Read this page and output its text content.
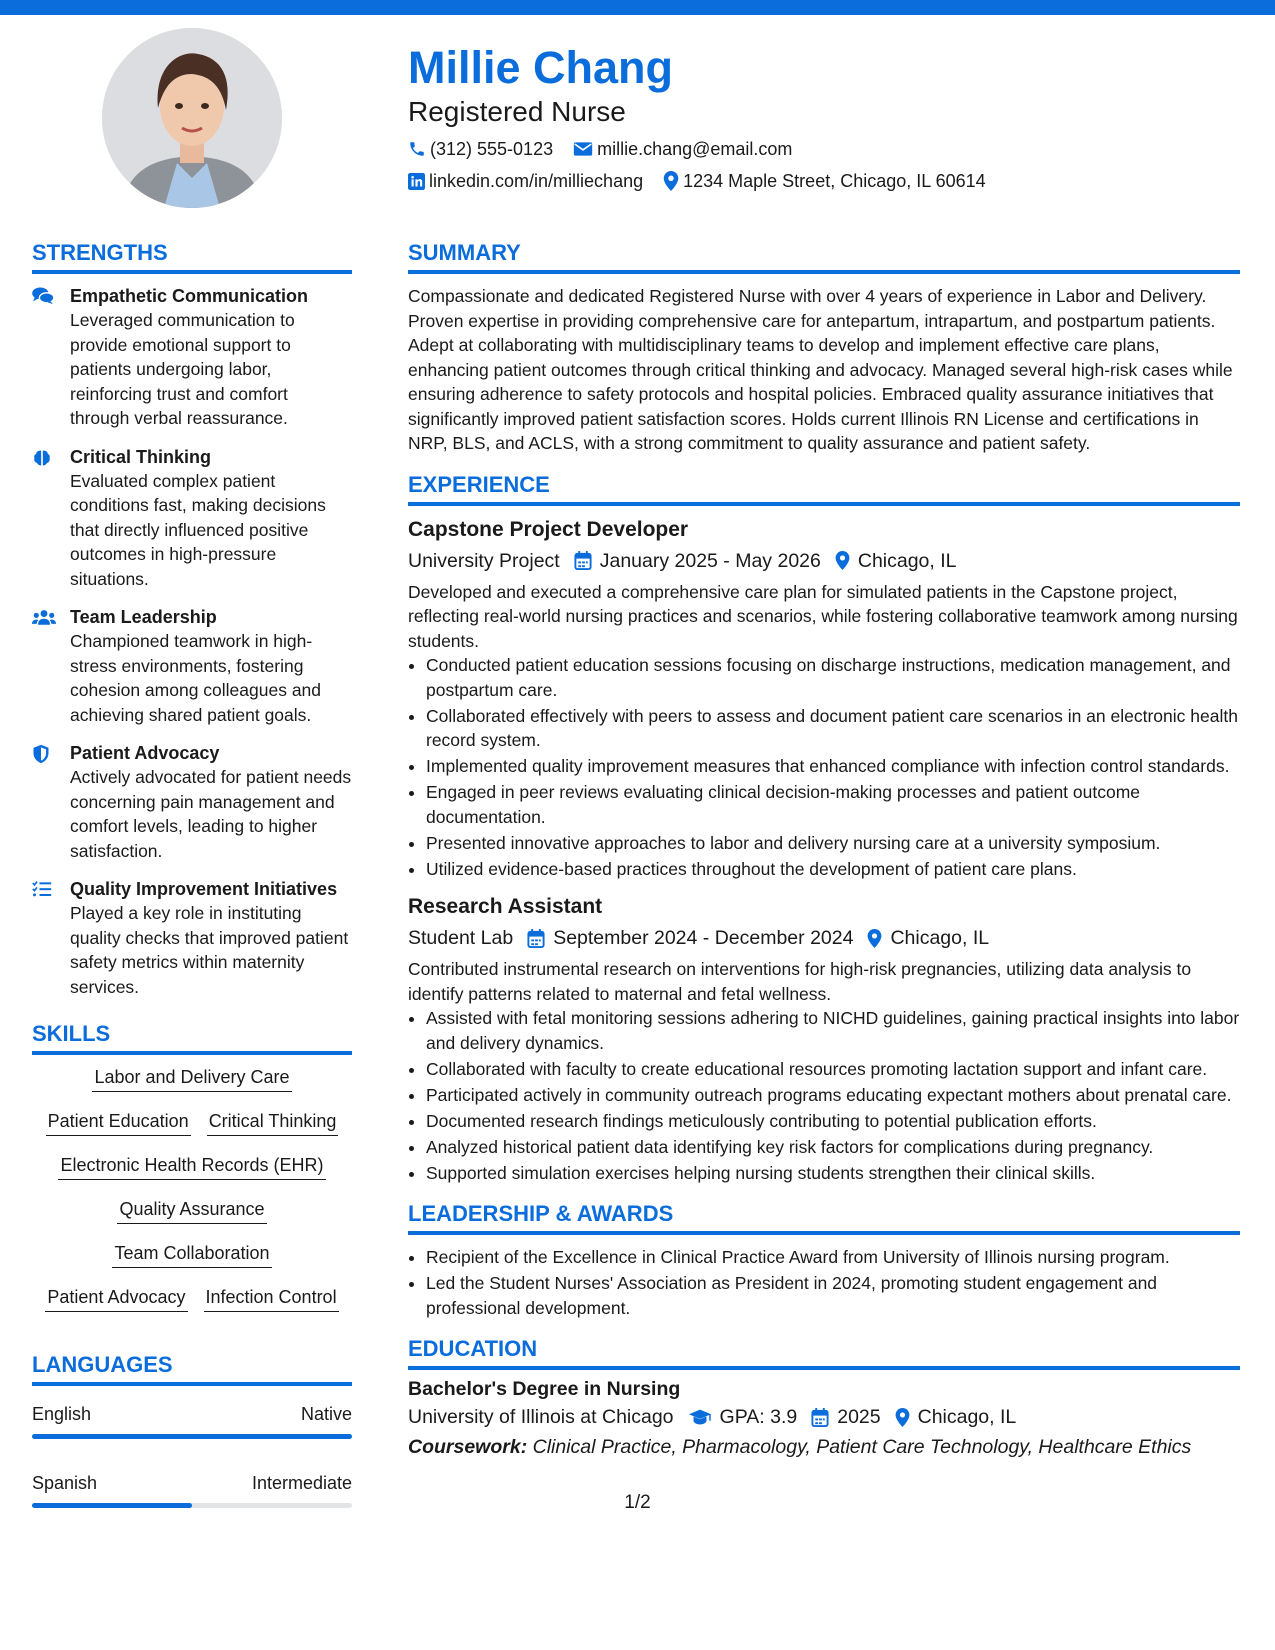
Millie Chang
Registered Nurse
(312) 555-0123 millie.chang@email.com
linkedin.com/in/milliechang 1234 Maple Street, Chicago, IL 60614
STRENGTHS
Empathetic Communication
Leveraged communication to provide emotional support to patients undergoing labor, reinforcing trust and comfort through verbal reassurance.
Critical Thinking
Evaluated complex patient conditions fast, making decisions that directly influenced positive outcomes in high-pressure situations.
Team Leadership
Championed teamwork in high-stress environments, fostering cohesion among colleagues and achieving shared patient goals.
Patient Advocacy
Actively advocated for patient needs concerning pain management and comfort levels, leading to higher satisfaction.
Quality Improvement Initiatives
Played a key role in instituting quality checks that improved patient safety metrics within maternity services.
SKILLS
Labor and Delivery Care
Patient Education Critical Thinking
Electronic Health Records (EHR)
Quality Assurance
Team Collaboration
Patient Advocacy Infection Control
LANGUAGES
English	Native
Spanish	Intermediate
SUMMARY
Compassionate and dedicated Registered Nurse with over 4 years of experience in Labor and Delivery. Proven expertise in providing comprehensive care for antepartum, intrapartum, and postpartum patients. Adept at collaborating with multidisciplinary teams to develop and implement effective care plans, enhancing patient outcomes through critical thinking and advocacy. Managed several high-risk cases while ensuring adherence to safety protocols and hospital policies. Embraced quality assurance initiatives that significantly improved patient satisfaction scores. Holds current Illinois RN License and certifications in NRP, BLS, and ACLS, with a strong commitment to quality assurance and patient safety.
EXPERIENCE
Capstone Project Developer
University Project January 2025 - May 2026 Chicago, IL
Developed and executed a comprehensive care plan for simulated patients in the Capstone project, reflecting real-world nursing practices and scenarios, while fostering collaborative teamwork among nursing students.
• Conducted patient education sessions focusing on discharge instructions, medication management, and postpartum care.
• Collaborated effectively with peers to assess and document patient care scenarios in an electronic health record system.
• Implemented quality improvement measures that enhanced compliance with infection control standards.
• Engaged in peer reviews evaluating clinical decision-making processes and patient outcome documentation.
• Presented innovative approaches to labor and delivery nursing care at a university symposium.
• Utilized evidence-based practices throughout the development of patient care plans.
Research Assistant
Student Lab September 2024 - December 2024 Chicago, IL
Contributed instrumental research on interventions for high-risk pregnancies, utilizing data analysis to identify patterns related to maternal and fetal wellness.
• Assisted with fetal monitoring sessions adhering to NICHD guidelines, gaining practical insights into labor and delivery dynamics.
• Collaborated with faculty to create educational resources promoting lactation support and infant care.
• Participated actively in community outreach programs educating expectant mothers about prenatal care.
• Documented research findings meticulously contributing to potential publication efforts.
• Analyzed historical patient data identifying key risk factors for complications during pregnancy.
• Supported simulation exercises helping nursing students strengthen their clinical skills.
LEADERSHIP & AWARDS
• Recipient of the Excellence in Clinical Practice Award from University of Illinois nursing program.
• Led the Student Nurses' Association as President in 2024, promoting student engagement and professional development.
EDUCATION
Bachelor's Degree in Nursing
University of Illinois at Chicago GPA: 3.9 2025 Chicago, IL
Coursework: Clinical Practice, Pharmacology, Patient Care Technology, Healthcare Ethics
1/2
